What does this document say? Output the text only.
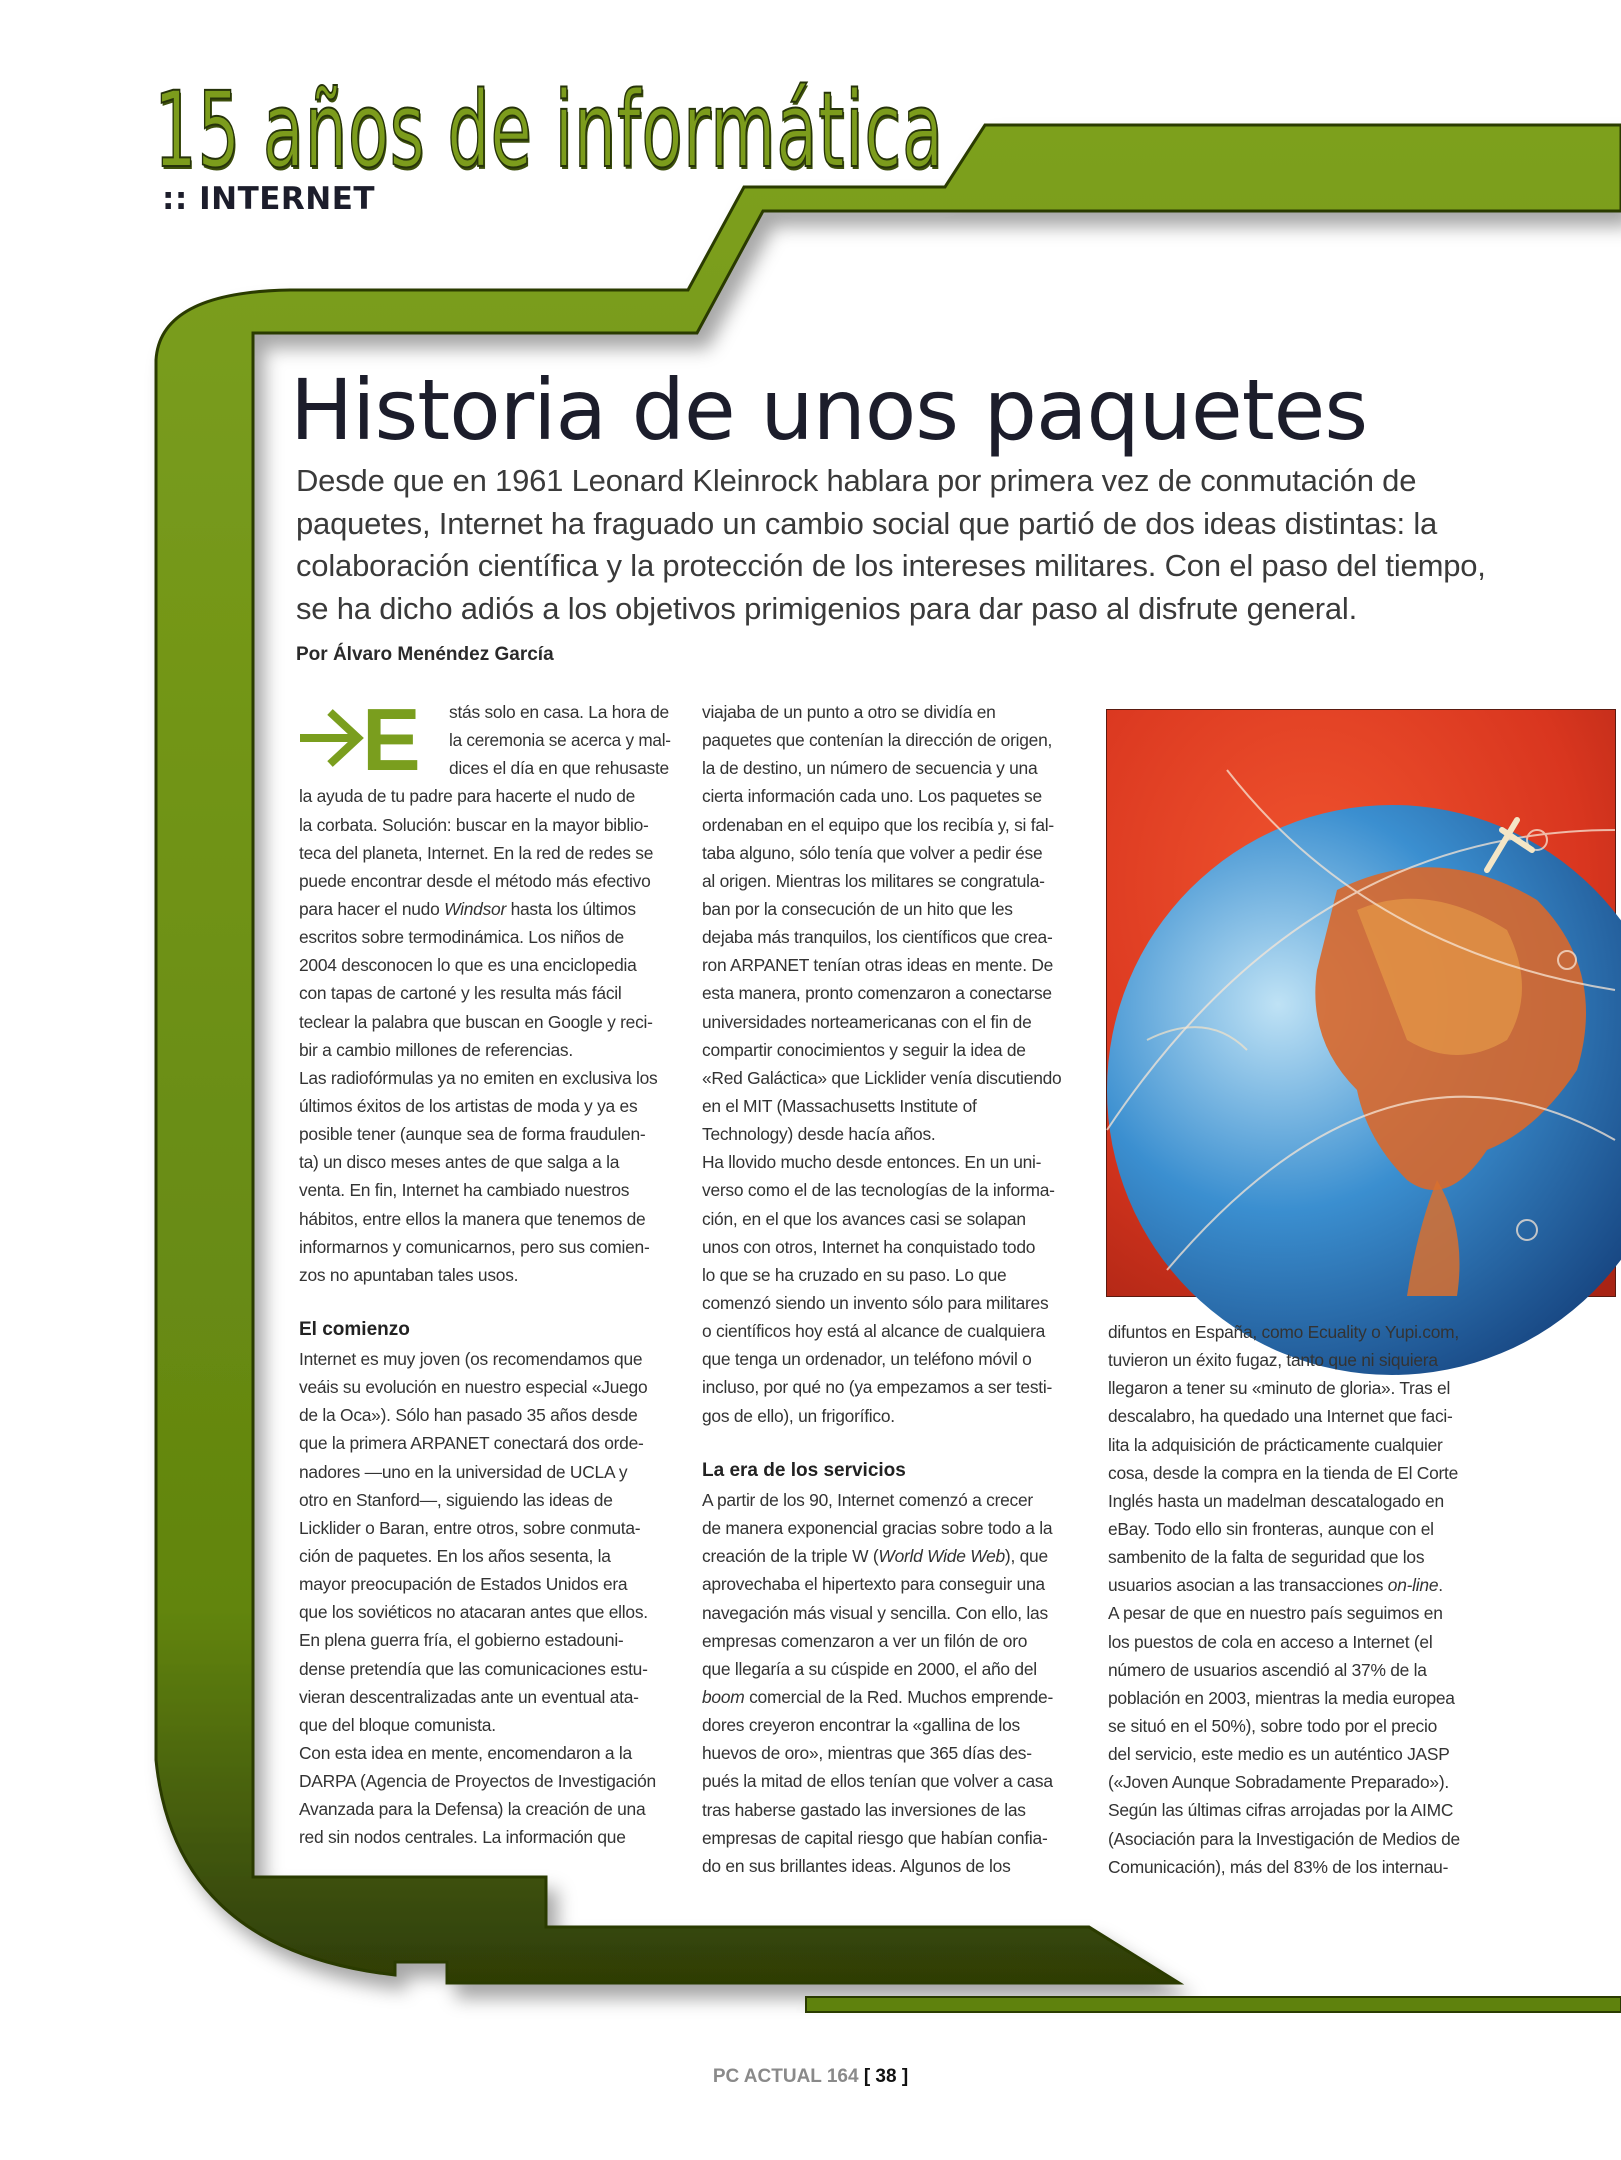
15 años de informática
:: INTERNET
Historia de unos paquetes
Desde que en 1961 Leonard Kleinrock hablara por primera vez de conmutación de
paquetes, Internet ha fraguado un cambio social que partió de dos ideas distintas: la
colaboración científica y la protección de los intereses militares. Con el paso del tiempo,
se ha dicho adiós a los objetivos primigenios para dar paso al disfrute general.
Por Álvaro Menéndez García
E stás solo en casa. La hora de
la ceremonia se acerca y mal-
dices el día en que rehusaste
la ayuda de tu padre para hacerte el nudo de
la corbata. Solución: buscar en la mayor biblio-
teca del planeta, Internet. En la red de redes se
puede encontrar desde el método más efectivo
para hacer el nudo Windsor hasta los últimos
escritos sobre termodinámica. Los niños de
2004 desconocen lo que es una enciclopedia
con tapas de cartoné y les resulta más fácil
teclear la palabra que buscan en Google y reci-
bir a cambio millones de referencias.
Las radiofórmulas ya no emiten en exclusiva los
últimos éxitos de los artistas de moda y ya es
posible tener (aunque sea de forma fraudulen-
ta) un disco meses antes de que salga a la
venta. En fin, Internet ha cambiado nuestros
hábitos, entre ellos la manera que tenemos de
informarnos y comunicarnos, pero sus comien-
zos no apuntaban tales usos.
El comienzo
Internet es muy joven (os recomendamos que
veáis su evolución en nuestro especial «Juego
de la Oca»). Sólo han pasado 35 años desde
que la primera ARPANET conectará dos orde-
nadores —uno en la universidad de UCLA y
otro en Stanford—, siguiendo las ideas de
Licklider o Baran, entre otros, sobre conmuta-
ción de paquetes. En los años sesenta, la
mayor preocupación de Estados Unidos era
que los soviéticos no atacaran antes que ellos.
En plena guerra fría, el gobierno estadouni-
dense pretendía que las comunicaciones estu-
vieran descentralizadas ante un eventual ata-
que del bloque comunista.
Con esta idea en mente, encomendaron a la
DARPA (Agencia de Proyectos de Investigación
Avanzada para la Defensa) la creación de una
red sin nodos centrales. La información que
viajaba de un punto a otro se dividía en
paquetes que contenían la dirección de origen,
la de destino, un número de secuencia y una
cierta información cada uno. Los paquetes se
ordenaban en el equipo que los recibía y, si fal-
taba alguno, sólo tenía que volver a pedir ése
al origen. Mientras los militares se congratula-
ban por la consecución de un hito que les
dejaba más tranquilos, los científicos que crea-
ron ARPANET tenían otras ideas en mente. De
esta manera, pronto comenzaron a conectarse
universidades norteamericanas con el fin de
compartir conocimientos y seguir la idea de
«Red Galáctica» que Licklider venía discutiendo
en el MIT (Massachusetts Institute of
Technology) desde hacía años.
Ha llovido mucho desde entonces. En un uni-
verso como el de las tecnologías de la informa-
ción, en el que los avances casi se solapan
unos con otros, Internet ha conquistado todo
lo que se ha cruzado en su paso. Lo que
comenzó siendo un invento sólo para militares
o científicos hoy está al alcance de cualquiera
que tenga un ordenador, un teléfono móvil o
incluso, por qué no (ya empezamos a ser testi-
gos de ello), un frigorífico.
La era de los servicios
A partir de los 90, Internet comenzó a crecer
de manera exponencial gracias sobre todo a la
creación de la triple W (World Wide Web), que
aprovechaba el hipertexto para conseguir una
navegación más visual y sencilla. Con ello, las
empresas comenzaron a ver un filón de oro
que llegaría a su cúspide en 2000, el año del
boom comercial de la Red. Muchos emprende-
dores creyeron encontrar la «gallina de los
huevos de oro», mientras que 365 días des-
pués la mitad de ellos tenían que volver a casa
tras haberse gastado las inversiones de las
empresas de capital riesgo que habían confia-
do en sus brillantes ideas. Algunos de los
difuntos en España, como Ecuality o Yupi.com,
tuvieron un éxito fugaz, tanto que ni siquiera
llegaron a tener su «minuto de gloria». Tras el
descalabro, ha quedado una Internet que faci-
lita la adquisición de prácticamente cualquier
cosa, desde la compra en la tienda de El Corte
Inglés hasta un madelman descatalogado en
eBay. Todo ello sin fronteras, aunque con el
sambenito de la falta de seguridad que los
usuarios asocian a las transacciones on-line.
A pesar de que en nuestro país seguimos en
los puestos de cola en acceso a Internet (el
número de usuarios ascendió al 37% de la
población en 2003, mientras la media europea
se situó en el 50%), sobre todo por el precio
del servicio, este medio es un auténtico JASP
(«Joven Aunque Sobradamente Preparado»).
Según las últimas cifras arrojadas por la AIMC
(Asociación para la Investigación de Medios de
Comunicación), más del 83% de los internau-
PC ACTUAL 164 [ 38 ]
